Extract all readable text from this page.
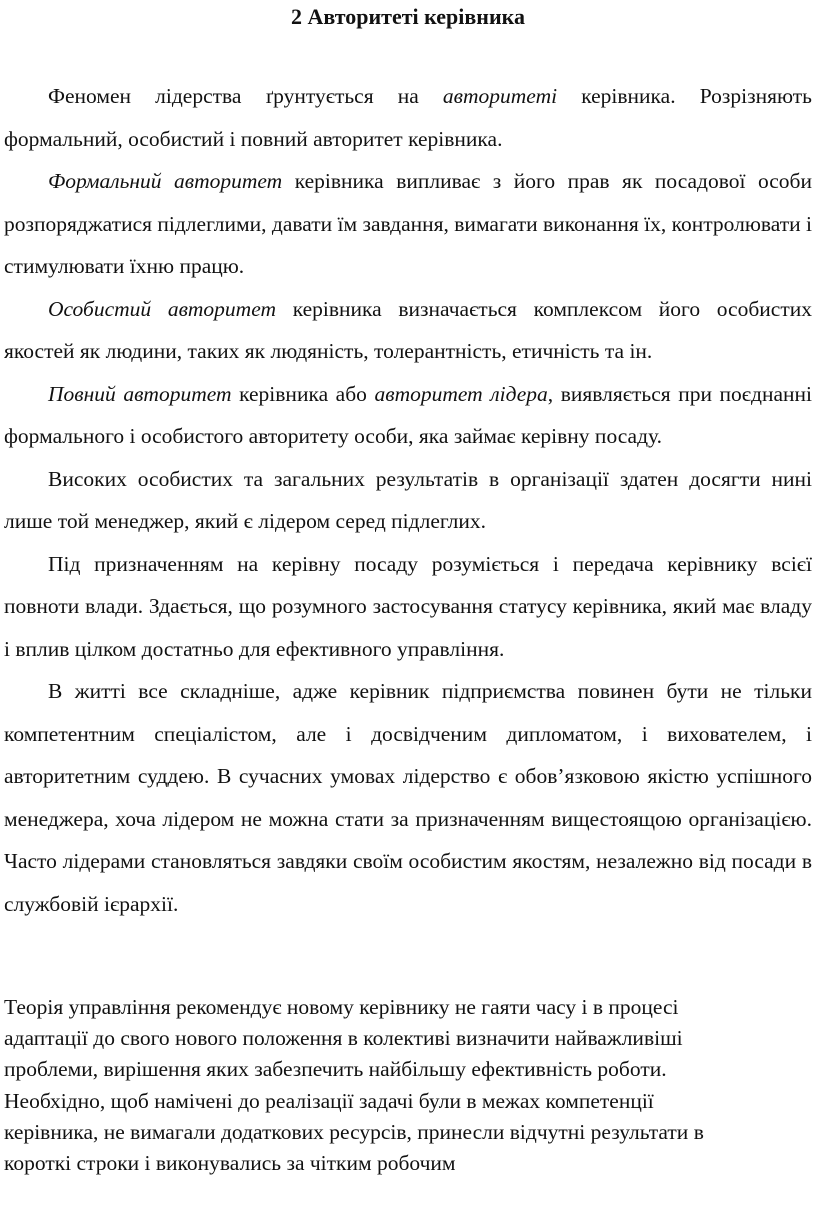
2 Авторитеті керівника

Феномен лідерства ґрунтується на авторитеті керівника. Розрізняють формальний, особистий і повний авторитет керівника.

Формальний авторитет керівника випливає з його прав як посадової особи розпоряджатися підлеглими, давати їм завдання, вимагати виконання їх, контролювати і стимулювати їхню працю.

Особистий авторитет керівника визначається комплексом його особистих якостей як людини, таких як людяність, толерантність, етичність та ін.

Повний авторитет керівника або авторитет лідера, виявляється при поєднанні формального і особистого авторитету особи, яка займає керівну посаду.

Високих особистих та загальних результатів в організації здатен досягти нині лише той менеджер, який є лідером серед підлеглих.

Під призначенням на керівну посаду розуміється і передача керівнику всієї повноти влади. Здається, що розумного застосування статусу керівника, який має владу і вплив цілком достатньо для ефективного управління.

В житті все складніше, адже керівник підприємства повинен бути не тільки компетентним спеціалістом, але і досвідченим дипломатом, і вихователем, і авторитетним суддею. В сучасних умовах лідерство є обов’язковою якістю успішного менеджера, хоча лідером не можна стати за призначенням вищестоящою організацією. Часто лідерами становляться завдяки своїм особистим якостям, незалежно від посади в службовій ієрархії.

Теорія управління рекомендує новому керівнику не гаяти часу і в процесі

адаптації до свого нового положення в колективі визначити найважливіші

проблеми, вирішення яких забезпечить найбільшу ефективність роботи.

Необхідно, щоб намічені до реалізації задачі були в межах компетенції

керівника, не вимагали додаткових ресурсів, принесли відчутні результати в

короткі строки і виконувались за чітким робочим
